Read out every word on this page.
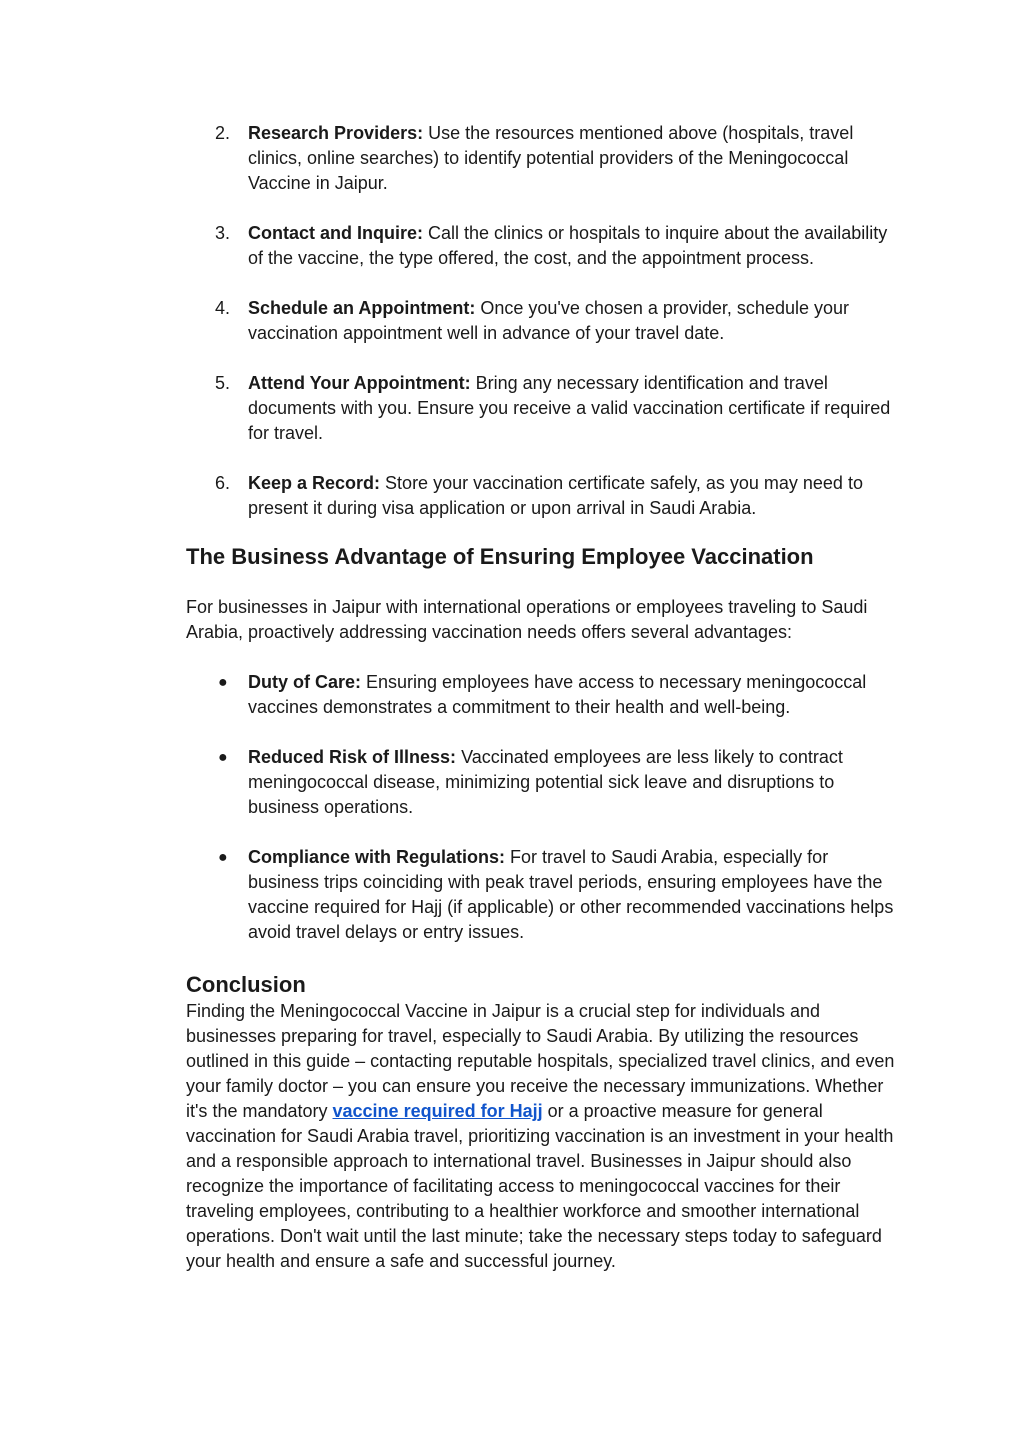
2. Research Providers: Use the resources mentioned above (hospitals, travel clinics, online searches) to identify potential providers of the Meningococcal Vaccine in Jaipur.
3. Contact and Inquire: Call the clinics or hospitals to inquire about the availability of the vaccine, the type offered, the cost, and the appointment process.
4. Schedule an Appointment: Once you've chosen a provider, schedule your vaccination appointment well in advance of your travel date.
5. Attend Your Appointment: Bring any necessary identification and travel documents with you. Ensure you receive a valid vaccination certificate if required for travel.
6. Keep a Record: Store your vaccination certificate safely, as you may need to present it during visa application or upon arrival in Saudi Arabia.
The Business Advantage of Ensuring Employee Vaccination

For businesses in Jaipur with international operations or employees traveling to Saudi Arabia, proactively addressing vaccination needs offers several advantages:

●	Duty of Care: Ensuring employees have access to necessary meningococcal vaccines demonstrates a commitment to their health and well-being.
●	Reduced Risk of Illness: Vaccinated employees are less likely to contract meningococcal disease, minimizing potential sick leave and disruptions to business operations.
●	Compliance with Regulations: For travel to Saudi Arabia, especially for business trips coinciding with peak travel periods, ensuring employees have the vaccine required for Hajj (if applicable) or other recommended vaccinations helps avoid travel delays or entry issues.
Conclusion

Finding the Meningococcal Vaccine in Jaipur is a crucial step for individuals and businesses preparing for travel, especially to Saudi Arabia. By utilizing the resources outlined in this guide – contacting reputable hospitals, specialized travel clinics, and even your family doctor – you can ensure you receive the necessary immunizations. Whether it's the mandatory vaccine required for Hajj or a proactive measure for general vaccination for Saudi Arabia travel, prioritizing vaccination is an investment in your health and a responsible approach to international travel. Businesses in Jaipur should also recognize the importance of facilitating access to meningococcal vaccines for their traveling employees, contributing to a healthier workforce and smoother international operations. Don't wait until the last minute; take the necessary steps today to safeguard your health and ensure a safe and successful journey.
